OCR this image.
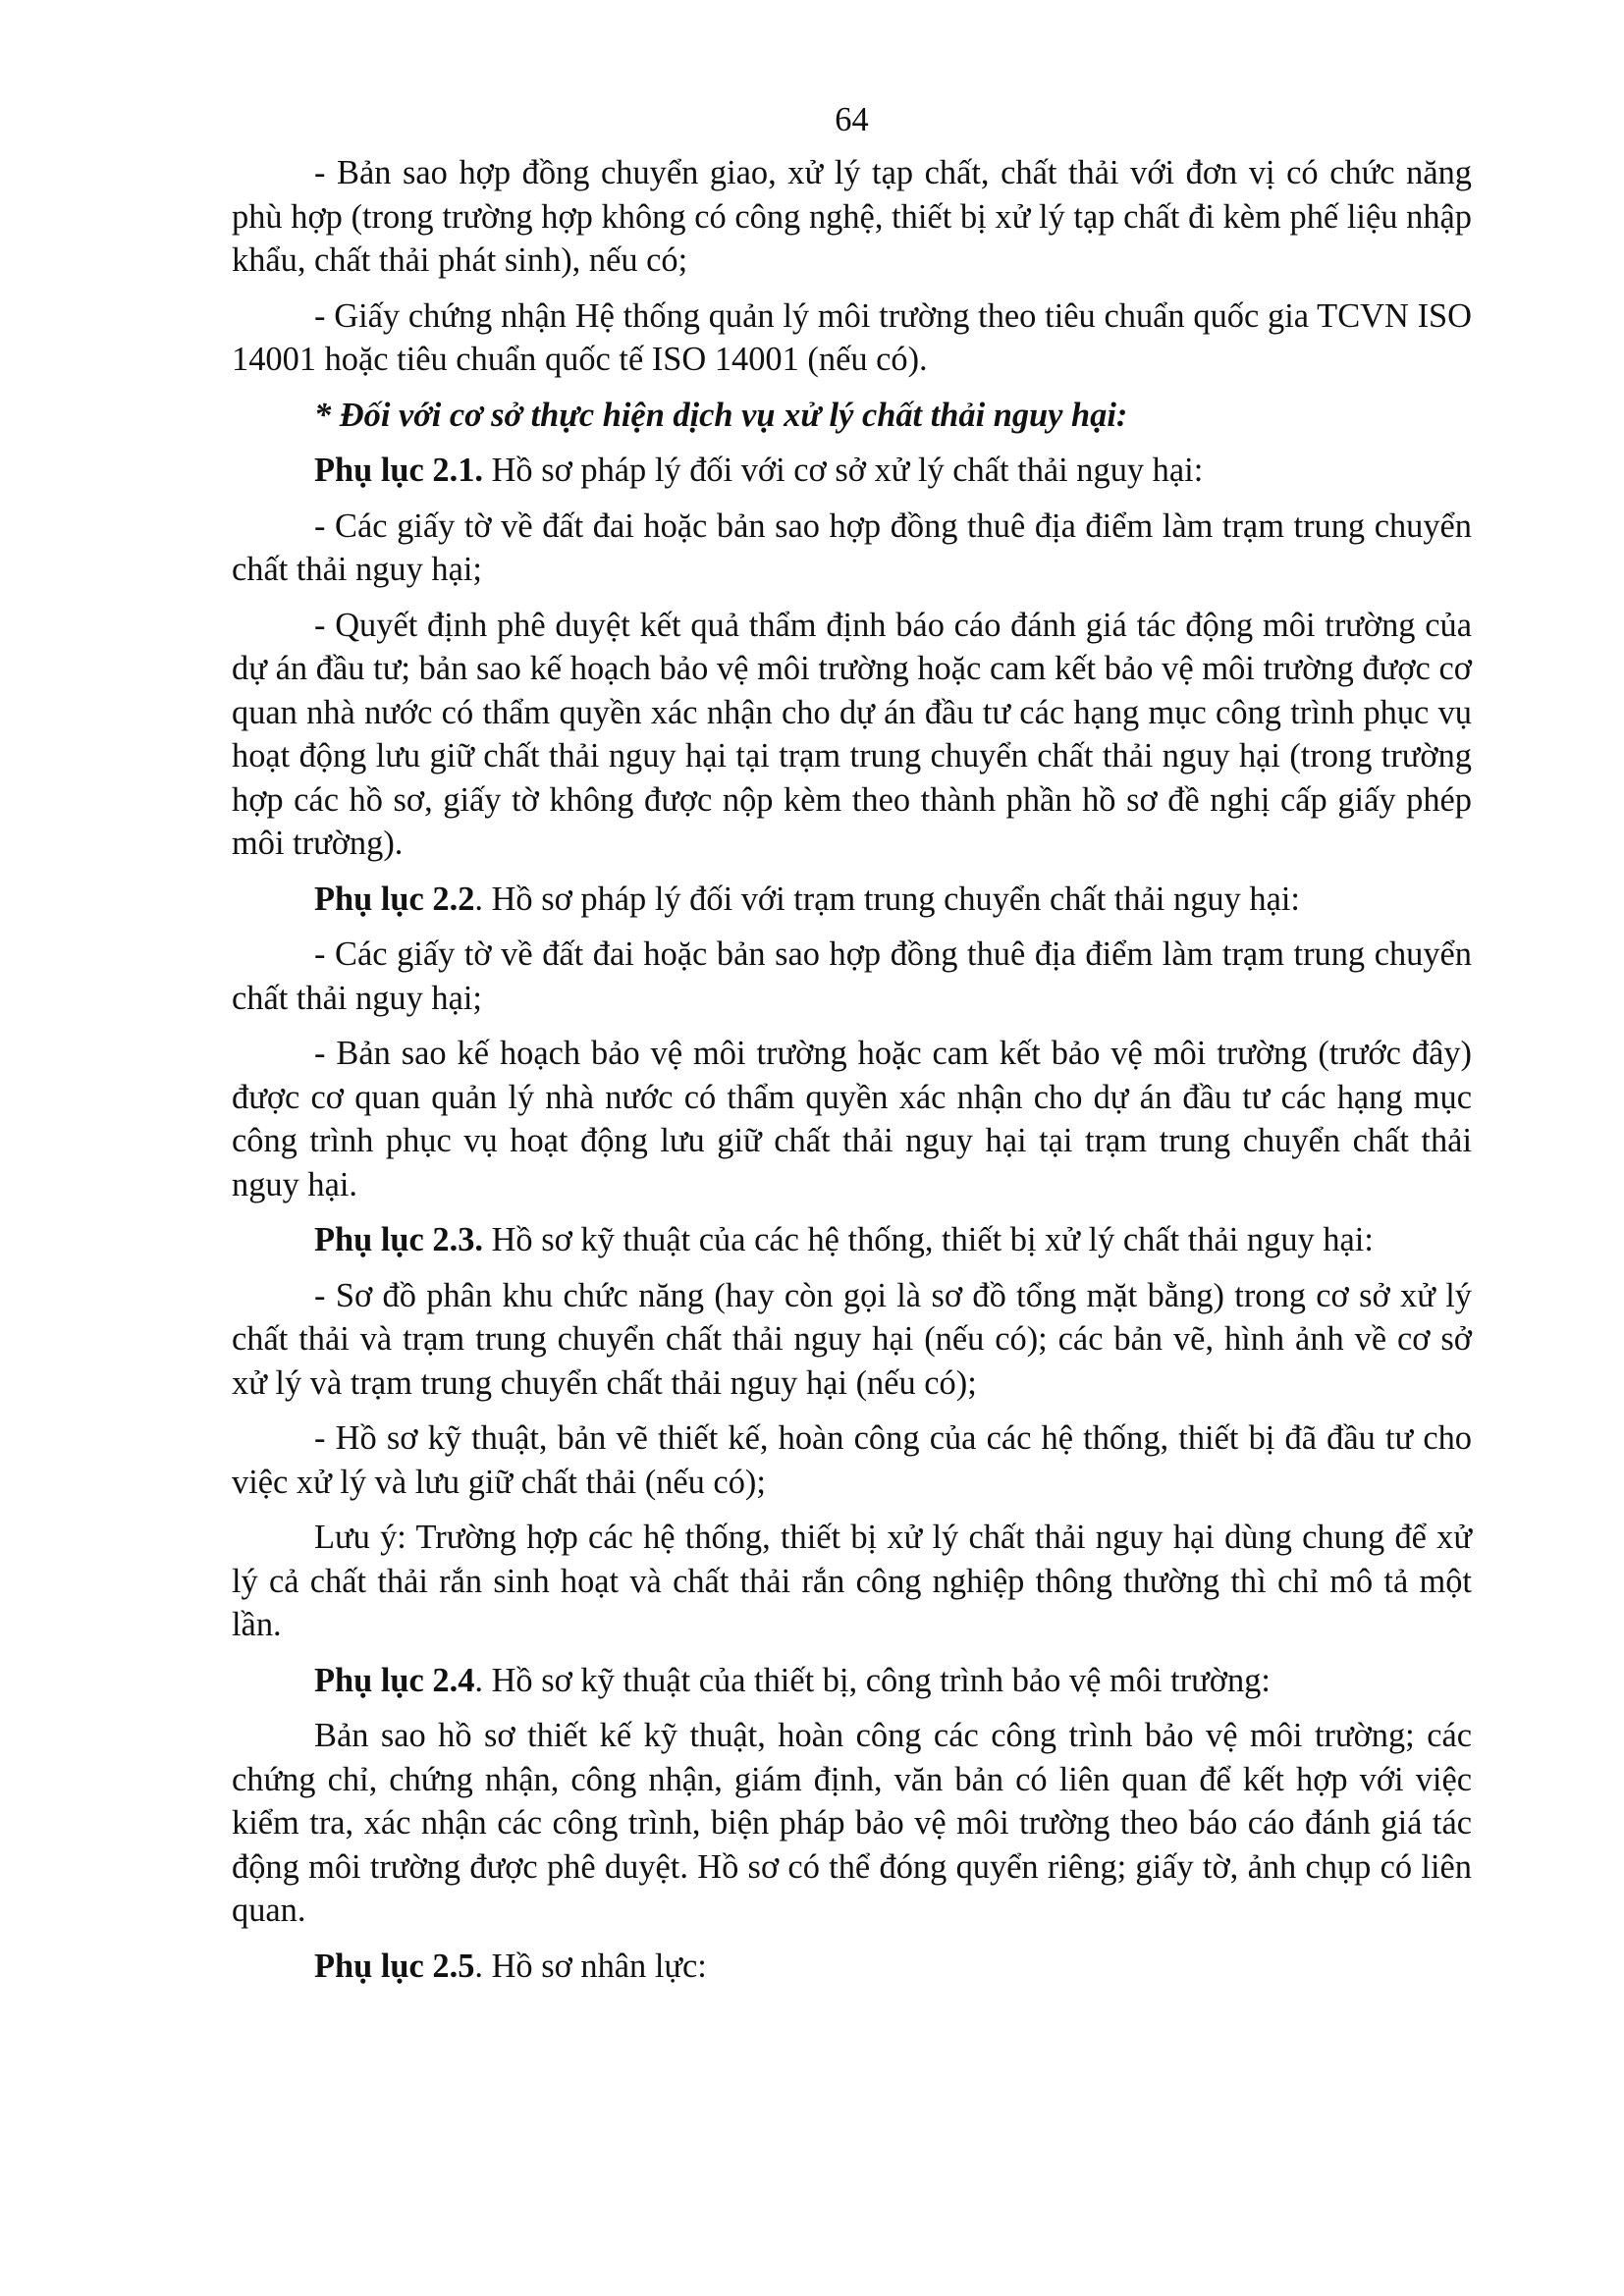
64

- Bản sao hợp đồng chuyển giao, xử lý tạp chất, chất thải với đơn vị có chức năng phù hợp (trong trường hợp không có công nghệ, thiết bị xử lý tạp chất đi kèm phế liệu nhập khẩu, chất thải phát sinh), nếu có;

- Giấy chứng nhận Hệ thống quản lý môi trường theo tiêu chuẩn quốc gia TCVN ISO 14001 hoặc tiêu chuẩn quốc tế ISO 14001 (nếu có).

* Đối với cơ sở thực hiện dịch vụ xử lý chất thải nguy hại:

Phụ lục 2.1. Hồ sơ pháp lý đối với cơ sở xử lý chất thải nguy hại:

- Các giấy tờ về đất đai hoặc bản sao hợp đồng thuê địa điểm làm trạm trung chuyển chất thải nguy hại;

- Quyết định phê duyệt kết quả thẩm định báo cáo đánh giá tác động môi trường của dự án đầu tư; bản sao kế hoạch bảo vệ môi trường hoặc cam kết bảo vệ môi trường được cơ quan nhà nước có thẩm quyền xác nhận cho dự án đầu tư các hạng mục công trình phục vụ hoạt động lưu giữ chất thải nguy hại tại trạm trung chuyển chất thải nguy hại (trong trường hợp các hồ sơ, giấy tờ không được nộp kèm theo thành phần hồ sơ đề nghị cấp giấy phép môi trường).

Phụ lục 2.2. Hồ sơ pháp lý đối với trạm trung chuyển chất thải nguy hại:

- Các giấy tờ về đất đai hoặc bản sao hợp đồng thuê địa điểm làm trạm trung chuyển chất thải nguy hại;

- Bản sao kế hoạch bảo vệ môi trường hoặc cam kết bảo vệ môi trường (trước đây) được cơ quan quản lý nhà nước có thẩm quyền xác nhận cho dự án đầu tư các hạng mục công trình phục vụ hoạt động lưu giữ chất thải nguy hại tại trạm trung chuyển chất thải nguy hại.

Phụ lục 2.3. Hồ sơ kỹ thuật của các hệ thống, thiết bị xử lý chất thải nguy hại:

- Sơ đồ phân khu chức năng (hay còn gọi là sơ đồ tổng mặt bằng) trong cơ sở xử lý chất thải và trạm trung chuyển chất thải nguy hại (nếu có); các bản vẽ, hình ảnh về cơ sở xử lý và trạm trung chuyển chất thải nguy hại (nếu có);

- Hồ sơ kỹ thuật, bản vẽ thiết kế, hoàn công của các hệ thống, thiết bị đã đầu tư cho việc xử lý và lưu giữ chất thải (nếu có);

Lưu ý: Trường hợp các hệ thống, thiết bị xử lý chất thải nguy hại dùng chung để xử lý cả chất thải rắn sinh hoạt và chất thải rắn công nghiệp thông thường thì chỉ mô tả một lần.

Phụ lục 2.4. Hồ sơ kỹ thuật của thiết bị, công trình bảo vệ môi trường:

Bản sao hồ sơ thiết kế kỹ thuật, hoàn công các công trình bảo vệ môi trường; các chứng chỉ, chứng nhận, công nhận, giám định, văn bản có liên quan để kết hợp với việc kiểm tra, xác nhận các công trình, biện pháp bảo vệ môi trường theo báo cáo đánh giá tác động môi trường được phê duyệt. Hồ sơ có thể đóng quyển riêng; giấy tờ, ảnh chụp có liên quan.

Phụ lục 2.5. Hồ sơ nhân lực:
